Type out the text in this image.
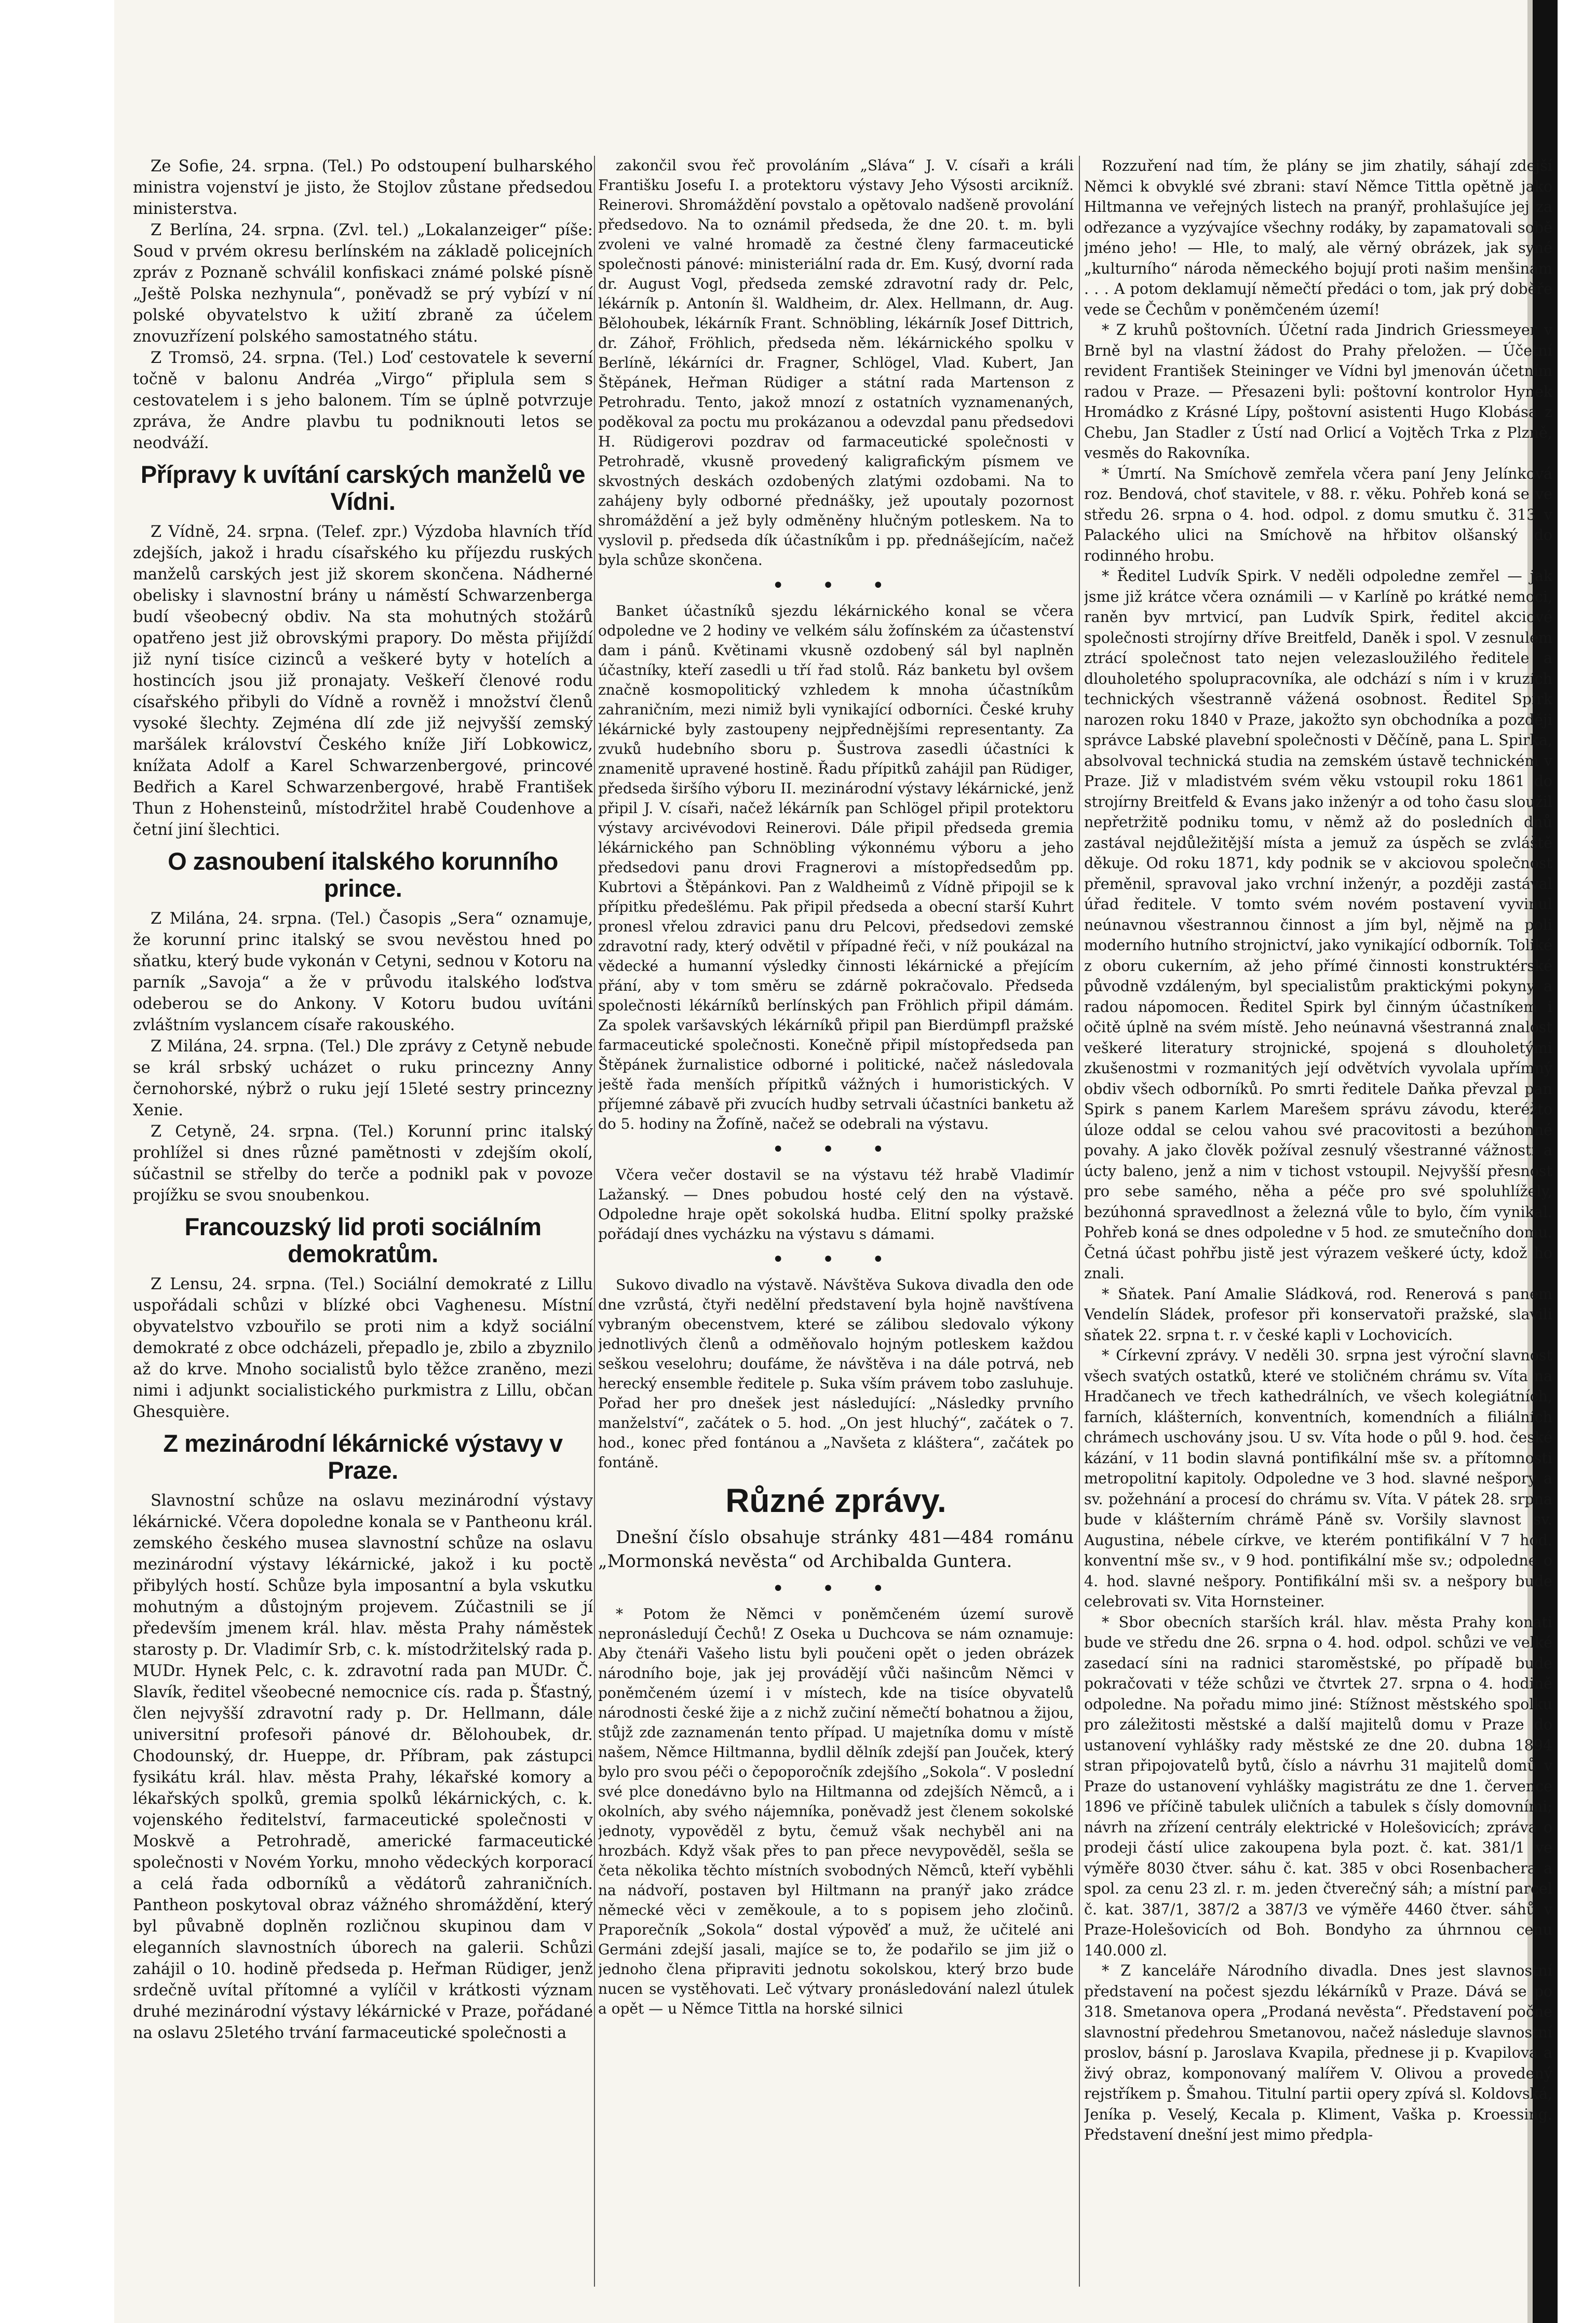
Ze Sofie, 24. srpna. (Tel.) Po odstoupení bulharského ministra vojenství je jisto, že Stojlov zůstane předsedou ministerstva.

Z Berlína, 24. srpna. (Zvl. tel.) „Lokalanzeiger“ píše: Soud v prvém okresu berlínském na základě policejních zpráv z Poznaně schválil konfiskaci známé polské písně „Ještě Polska nezhynula“, poněvadž se prý vybízí v ní polské obyvatelstvo k užití zbraně za účelem znovuzřízení polského samostatného státu.

Z Tromsö, 24. srpna. (Tel.) Loď cestovatele k severní točně v balonu Andréa „Virgo“ připlula sem s cestovatelem i s jeho balonem. Tím se úplně potvrzuje zpráva, že Andre plavbu tu podniknouti letos se neodváží.

Přípravy k uvítání carských manželů ve Vídni.

Z Vídně, 24. srpna. (Telef. zpr.) Výzdoba hlavních tříd zdejších, jakož i hradu císařského ku příjezdu ruských manželů carských jest již skorem skončena. Nádherné obelisky i slavnostní brány u náměstí Schwarzenberga budí všeobecný obdiv. Na sta mohutných stožárů opatřeno jest již obrovskými prapory. Do města přijíždí již nyní tisíce cizinců a veškeré byty v hotelích a hostincích jsou již pronajaty. Veškeří členové rodu císařského přibyli do Vídně a rovněž i množství členů vysoké šlechty. Zejména dlí zde již nejvyšší zemský maršálek království Českého kníže Jiří Lobkowicz, knížata Adolf a Karel Schwarzenbergové, princové Bedřich a Karel Schwarzenbergové, hrabě František Thun z Hohensteinů, místodržitel hrabě Coudenhove a četní jiní šlechtici.

O zasnoubení italského korunního prince.

Z Milána, 24. srpna. (Tel.) Časopis „Sera“ oznamuje, že korunní princ italský se svou nevěstou hned po sňatku, který bude vykonán v Cetyni, sednou v Kotoru na parník „Savoja“ a že v průvodu italského loďstva odeberou se do Ankony. V Kotoru budou uvítáni zvláštním vyslancem císaře rakouského.

Z Milána, 24. srpna. (Tel.) Dle zprávy z Cetyně nebude se král srbský ucházet o ruku princezny Anny černohorské, nýbrž o ruku její 15leté sestry princezny Xenie.

Z Cetyně, 24. srpna. (Tel.) Korunní princ italský prohlížel si dnes různé pamětnosti v zdejším okolí, súčastnil se střelby do terče a podnikl pak v povoze projížku se svou snoubenkou.

Francouzský lid proti sociálním demokratům.

Z Lensu, 24. srpna. (Tel.) Sociální demokraté z Lillu uspořádali schůzi v blízké obci Vaghenesu. Místní obyvatelstvo vzbouřilo se proti nim a když sociální demokraté z obce odcházeli, přepadlo je, zbilo a zbyznilo až do krve. Mnoho socialistů bylo těžce zraněno, mezi nimi i adjunkt socialistického purkmistra z Lillu, občan Ghesquière.

Z mezinárodní lékárnické výstavy v Praze.

Slavnostní schůze na oslavu mezinárodní výstavy lékárnické. Včera dopoledne konala se v Pantheonu král. zemského českého musea slavnostní schůze na oslavu mezinárodní výstavy lékárnické, jakož i ku poctě přibylých hostí. Schůze byla imposantní a byla vskutku mohutným a důstojným projevem. Zúčastnili se jí především jmenem král. hlav. města Prahy náměstek starosty p. Dr. Vladimír Srb, c. k. místodržitelský rada p. MUDr. Hynek Pelc, c. k. zdravotní rada pan MUDr. Č. Slavík, ředitel všeobecné nemocnice cís. rada p. Šťastný, člen nejvyšší zdravotní rady p. Dr. Hellmann, dále universitní profesoři pánové dr. Bělohoubek, dr. Chodounský, dr. Hueppe, dr. Příbram, pak zástupci fysikátu král. hlav. města Prahy, lékařské komory a lékařských spolků, gremia spolků lékárnických, c. k. vojenského ředitelství, farmaceutické společnosti v Moskvě a Petrohradě, americké farmaceutické společnosti v Novém Yorku, mnoho vědeckých korporací a celá řada odborníků a vědátorů zahraničních. Pantheon poskytoval obraz vážného shromáždění, který byl půvabně doplněn rozličnou skupinou dam v eleganních slavnostních úborech na galerii. Schůzi zahájil o 10. hodině předseda p. Heřman Rüdiger, jenž srdečně uvítal přítomné a vylíčil v krátkosti význam druhé mezinárodní výstavy lékárnické v Praze, pořádané na oslavu 25letého trvání farmaceutické společnosti a

zakončil svou řeč provoláním „Sláva“ J. V. císaři a králi Františku Josefu I. a protektoru výstavy Jeho Výsosti arcikníž. Reinerovi. Shromáždění povstalo a opětovalo nadšeně provolání předsedovo. Na to oznámil předseda, že dne 20. t. m. byli zvoleni ve valné hromadě za čestné členy farmaceutické společnosti pánové: ministeriální rada dr. Em. Kusý, dvorní rada dr. August Vogl, předseda zemské zdravotní rady dr. Pelc, lékárník p. Antonín šl. Waldheim, dr. Alex. Hellmann, dr. Aug. Bělohoubek, lékárník Frant. Schnöbling, lékárník Josef Dittrich, dr. Záhoř, Fröhlich, předseda něm. lékárnického spolku v Berlíně, lékárníci dr. Fragner, Schlögel, Vlad. Kubert, Jan Štěpánek, Heřman Rüdiger a státní rada Martenson z Petrohradu. Tento, jakož mnozí z ostatních vyznamenaných, poděkoval za poctu mu prokázanou a odevzdal panu předsedovi H. Rüdigerovi pozdrav od farmaceutické společnosti v Petrohradě, vkusně provedený kaligrafickým písmem ve skvostných deskách ozdobených zlatými ozdobami. Na to zahájeny byly odborné přednášky, jež upoutaly pozornost shromáždění a jež byly odměněny hlučným potleskem. Na to vyslovil p. předseda dík účastníkům i pp. přednášejícím, načež byla schůze skončena.

• • •

Banket účastníků sjezdu lékárnického konal se včera odpoledne ve 2 hodiny ve velkém sálu žofínském za účastenství dam i pánů. Květinami vkusně ozdobený sál byl naplněn účastníky, kteří zasedli u tří řad stolů. Ráz banketu byl ovšem značně kosmopolitický vzhledem k mnoha účastníkům zahraničním, mezi nimiž byli vynikající odborníci. České kruhy lékárnické byly zastoupeny nejpřednějšími representanty. Za zvuků hudebního sboru p. Šustrova zasedli účastníci k znamenitě upravené hostině. Řadu přípitků zahájil pan Rüdiger, předseda širšího výboru II. mezinárodní výstavy lékárnické, jenž připil J. V. císaři, načež lékárník pan Schlögel připil protektoru výstavy arcivévodovi Reinerovi. Dále připil předseda gremia lékárnického pan Schnöbling výkonnému výboru a jeho předsedovi panu drovi Fragnerovi a místopředsedům pp. Kubrtovi a Štěpánkovi. Pan z Waldheimů z Vídně připojil se k přípitku předešlému. Pak připil předseda a obecní starší Kuhrt pronesl vřelou zdravici panu dru Pelcovi, předsedovi zemské zdravotní rady, který odvětil v případné řeči, v níž poukázal na vědecké a humanní výsledky činnosti lékárnické a přejícím přání, aby v tom směru se zdárně pokračovalo. Předseda společnosti lékárníků berlínských pan Fröhlich připil dámám. Za spolek varšavských lékárníků připil pan Bierdümpfl pražské farmaceutické společnosti. Konečně připil místopředseda pan Štěpánek žurnalistice odborné i politické, načež následovala ještě řada menších přípitků vážných i humoristických. V příjemné zábavě při zvucích hudby setrvali účastníci banketu až do 5. hodiny na Žofíně, načež se odebrali na výstavu.

• • •

Včera večer dostavil se na výstavu též hrabě Vladimír Lažanský. — Dnes pobudou hosté celý den na výstavě. Odpoledne hraje opět sokolská hudba. Elitní spolky pražské pořádají dnes vycházku na výstavu s dámami.

• • •

Sukovo divadlo na výstavě. Návštěva Sukova divadla den ode dne vzrůstá, čtyři nedělní představení byla hojně navštívena vybraným obecenstvem, které se zálibou sledovalo výkony jednotlivých členů a odměňovalo hojným potleskem každou seškou veselohru; doufáme, že návštěva i na dále potrvá, neb herecký ensemble ředitele p. Suka vším právem tobo zasluhuje. Pořad her pro dnešek jest následující: „Následky prvního manželství“, začátek o 5. hod. „On jest hluchý“, začátek o 7. hod., konec před fontánou a „Navšeta z kláštera“, začátek po fontáně.

Různé zprávy.

Dnešní číslo obsahuje stránky 481—484 románu „Mormonská nevěsta“ od Archibalda Guntera.

• • •

* Potom že Němci v poněmčeném území surově nepronásledují Čechů! Z Oseka u Duchcova se nám oznamuje: Aby čtenáři Vašeho listu byli poučeni opět o jeden obrázek národního boje, jak jej provádějí vůči našincům Němci v poněmčeném území i v místech, kde na tisíce obyvatelů národnosti české žije a z nichž zučiní němečtí bohatnou a žijou, stůjž zde zaznamenán tento případ. U majetníka domu v místě našem, Němce Hiltmanna, bydlil dělník zdejší pan Jouček, který bylo pro svou péči o čepoporočník zdejšího „Sokola“. V poslední své plce donedávno bylo na Hiltmanna od zdejších Němců, a i okolních, aby svého nájemníka, poněvadž jest členem sokolské jednoty, vypověděl z bytu, čemuž však nechyběl ani na hrozbách. Když však přes to pan přece nevypověděl, sešla se četa několika těchto místních svobodných Němců, kteří vyběhli na nádvoří, postaven byl Hiltmann na pranýř jako zrádce německé věci v zeměkoule, a to s popisem jeho zločinů. Praporečník „Sokola“ dostal výpověď a muž, že učitelé ani Germáni zdejší jasali, majíce se to, že podařilo se jim již o jednoho člena připraviti jednotu sokolskou, který brzo bude nucen se vystěhovati. Leč výtvary pronásledování nalezl útulek a opět — u Němce Tittla na horské silnici

Rozzuření nad tím, že plány se jim zhatily, sáhají zdejší Němci k obvyklé své zbrani: staví Němce Tittla opětně jako Hiltmanna ve veřejných listech na pranýř, prohlašujíce jej za odřezance a vyzývajíce všechny rodáky, by zapamatovali sobě jméno jeho! — Hle, to malý, ale věrný obrázek, jak syné „kulturního“ národa německého bojují proti našim menšinám . . . A potom deklamují němečtí předáci o tom, jak prý doběře vede se Čechům v poněmčeném území!

* Z kruhů poštovních. Účetní rada Jindrich Griessmeyer v Brně byl na vlastní žádost do Prahy přeložen. — Účetní revident František Steininger ve Vídni byl jmenován účetním radou v Praze. — Přesazeni byli: poštovní kontrolor Hynek Hromádko z Krásné Lípy, poštovní asistenti Hugo Klobása z Chebu, Jan Stadler z Ústí nad Orlicí a Vojtěch Trka z Plzně, vesměs do Rakovníka.

* Úmrtí. Na Smíchově zemřela včera paní Jeny Jelínková roz. Bendová, choť stavitele, v 88. r. věku. Pohřeb koná se ve středu 26. srpna o 4. hod. odpol. z domu smutku č. 313 v Palackého ulici na Smíchově na hřbitov olšanský do rodinného hrobu.

* Ředitel Ludvík Spirk. V neděli odpoledne zemřel — jak jsme již krátce včera oznámili — v Karlíně po krátké nemoci, raněn byv mrtvicí, pan Ludvík Spirk, ředitel akciové společnosti strojírny dříve Breitfeld, Daněk i spol. V zesnulém ztrácí společnost tato nejen velezasloužilého ředitele a dlouholetého spolupracovníka, ale odchází s ním i v kruzích technických všestranně vážená osobnost. Ředitel Spirk narozen roku 1840 v Praze, jakožto syn obchodníka a později správce Labské plavební společnosti v Děčíně, pana L. Spirka, absolvoval technická studia na zemském ústavě technickém v Praze. Již v mladistvém svém věku vstoupil roku 1861 do strojírny Breitfeld & Evans jako inženýr a od toho času sloužil nepřetržitě podniku tomu, v němž až do posledních dnů zastával nejdůležitější místa a jemuž za úspěch se zvláště děkuje. Od roku 1871, kdy podnik se v akciovou společnost přeměnil, spravoval jako vrchní inženýr, a později zastával úřad ředitele. V tomto svém novém postavení vyvinul neúnavnou všestrannou činnost a jím byl, nějmě na poli moderního hutního strojnictví, jako vynikající odborník. Toliké z oboru cukerním, až jeho přímé činnosti konstruktérské původně vzdáleným, byl specialistům praktickými pokyny a radou nápomocen. Ředitel Spirk byl činným účastníkem i očitě úplně na svém místě. Jeho neúnavná všestranná znalost veškeré literatury strojnické, spojená s dlouholetými zkušenostmi v rozmanitých její odvětvích vyvolala upřímný obdiv všech odborníků. Po smrti ředitele Daňka převzal pan Spirk s panem Karlem Marešem správu závodu, kteréžto úloze oddal se celou vahou své pracovitosti a bezúhonné povahy. A jako člověk požíval zesnulý všestranné vážnosti a úcty baleno, jenž a nim v tichost vstoupil. Nejvyšší přesnost pro sebe samého, něha a péče pro své spoluhlížely, bezúhonná spravedlnost a železná vůle to bylo, čím vynikal. Pohřeb koná se dnes odpoledne v 5 hod. ze smutečního domu. Četná účast pohřbu jistě jest výrazem veškeré úcty, kdož ho znali.

* Sňatek. Paní Amalie Sládková, rod. Renerová s panem Vendelín Sládek, profesor při konservatoři pražské, slavili sňatek 22. srpna t. r. v české kapli v Lochovicích.

* Církevní zprávy. V neděli 30. srpna jest výroční slavnost všech svatých ostatků, které ve stoličném chrámu sv. Víta na Hradčanech ve třech kathedrálních, ve všech kolegiátních, farních, klášterních, konventních, komendních a filiálních chrámech uschovány jsou. U sv. Víta hode o půl 9. hod. české kázání, v 11 bodin slavná pontifikální mše sv. a přítomnosti metropolitní kapitoly. Odpoledne ve 3 hod. slavné nešpory a sv. požehnání a procesí do chrámu sv. Víta. V pátek 28. srpna bude v klášterním chrámě Páně sv. Voršily slavnost sv. Augustina, nébele církve, ve kterém pontifikální V 7 hod. konventní mše sv., v 9 hod. pontifikální mše sv.; odpoledne o 4. hod. slavné nešpory. Pontifikální mši sv. a nešpory bude celebrovati sv. Vita Hornsteiner.

* Sbor obecních starších král. hlav. města Prahy konati bude ve středu dne 26. srpna o 4. hod. odpol. schůzi ve velké zasedací síni na radnici staroměstské, po případě bude pokračovati v téže schůzi ve čtvrtek 27. srpna o 4. hodině odpoledne. Na pořadu mimo jiné: Stížnost městského spolku pro záležitosti městské a další majitelů domu v Praze do ustanovení vyhlášky rady městské ze dne 20. dubna 1894 stran připojovatelů bytů, číslo a návrhu 31 majitelů domů v Praze do ustanovení vyhlášky magistrátu ze dne 1. července 1896 ve příčině tabulek uličních a tabulek s čísly domovními; návrh na zřízení centrály elektrické v Holešovicích; zpráva o prodeji částí ulice zakoupena byla pozt. č. kat. 381/1 ve výměře 8030 čtver. sáhu č. kat. 385 v obci Rosenbachera a spol. za cenu 23 zl. r. m. jeden čtverečný sáh; a místní parcel č. kat. 387/1, 387/2 a 387/3 ve výměře 4460 čtver. sáhů v Praze-Holešovicích od Boh. Bondyho za úhrnnou cenu 140.000 zl.

* Z kanceláře Národního divadla. Dnes jest slavnostní představení na počest sjezdu lékárníků v Praze. Dává se po 318. Smetanova opera „Prodaná nevěsta“. Představení počne slavnostní předehrou Smetanovou, načež následuje slavnostní proslov, básní p. Jaroslava Kvapila, přednese ji p. Kvapilova a živý obraz, komponovaný malířem V. Olivou a provedený rejstříkem p. Šmahou. Titulní partii opery zpívá sl. Koldovská, Jeníka p. Veselý, Kecala p. Kliment, Vaška p. Kroessing. Představení dnešní jest mimo předpla-
